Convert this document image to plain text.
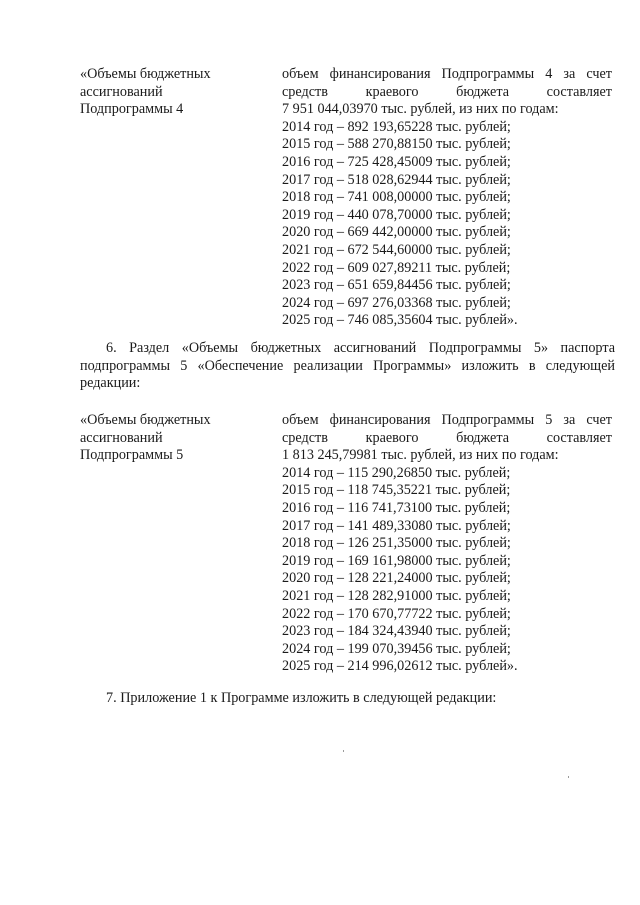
«Объемы бюджетных
ассигнований
Подпрограммы 4
объем финансирования Подпрограммы 4 за счет
средств краевого бюджета составляет
7 951 044,03970 тыс. рублей, из них по годам:
2014 год – 892 193,65228 тыс. рублей;
2015 год – 588 270,88150 тыс. рублей;
2016 год – 725 428,45009 тыс. рублей;
2017 год – 518 028,62944 тыс. рублей;
2018 год – 741 008,00000 тыс. рублей;
2019 год – 440 078,70000 тыс. рублей;
2020 год – 669 442,00000 тыс. рублей;
2021 год – 672 544,60000 тыс. рублей;
2022 год – 609 027,89211 тыс. рублей;
2023 год – 651 659,84456 тыс. рублей;
2024 год – 697 276,03368 тыс. рублей;
2025 год – 746 085,35604 тыс. рублей».
6. Раздел «Объемы бюджетных ассигнований Подпрограммы 5» паспорта
подпрограммы 5 «Обеспечение реализации Программы» изложить в следующей
редакции:
«Объемы бюджетных
ассигнований
Подпрограммы 5
объем финансирования Подпрограммы 5 за счет
средств краевого бюджета составляет
1 813 245,79981 тыс. рублей, из них по годам:
2014 год – 115 290,26850 тыс. рублей;
2015 год – 118 745,35221 тыс. рублей;
2016 год – 116 741,73100 тыс. рублей;
2017 год – 141 489,33080 тыс. рублей;
2018 год – 126 251,35000 тыс. рублей;
2019 год – 169 161,98000 тыс. рублей;
2020 год – 128 221,24000 тыс. рублей;
2021 год – 128 282,91000 тыс. рублей;
2022 год – 170 670,77722 тыс. рублей;
2023 год – 184 324,43940 тыс. рублей;
2024 год – 199 070,39456 тыс. рублей;
2025 год – 214 996,02612 тыс. рублей».
7. Приложение 1 к Программе изложить в следующей редакции:
